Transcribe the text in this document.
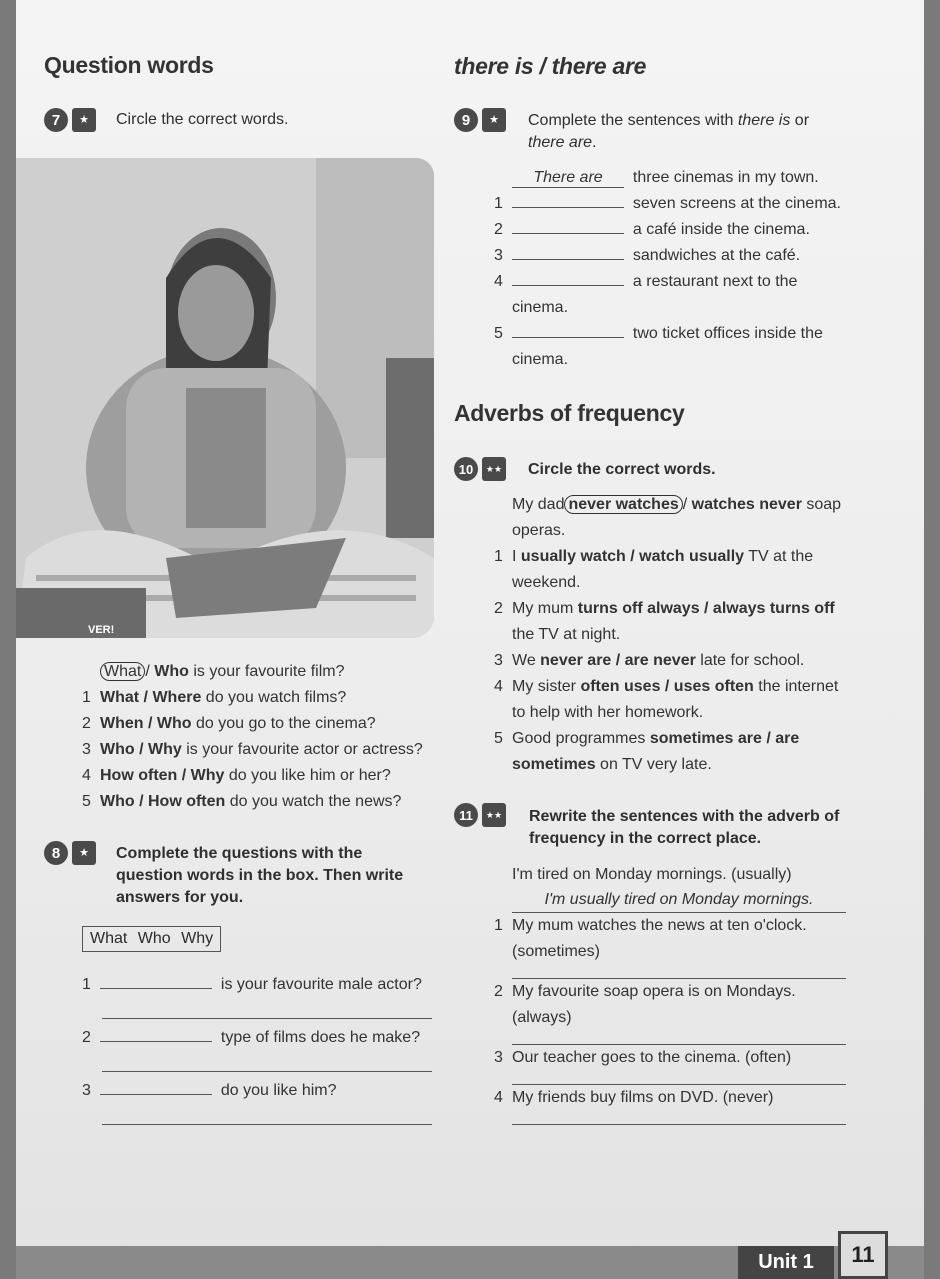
Question words
7	★	Circle the correct words.
VER!
What / Who is your favourite film?
1 What / Where do you watch films?
2 When / Who do you go to the cinema?
3 Who / Why is your favourite actor or actress?
4 How often / Why do you like him or her?
5 Who / How often do you watch the news?
8	★	Complete the questions with the question words in the box. Then write answers for you.
What Who Why
1	is your favourite male actor?
2	type of films does he make?
3	do you like him?
there is / there are
9	★	Complete the sentences with there is or
there are.
There are three cinemas in my town.
1	seven screens at the cinema.
2	a café inside the cinema.
3	sandwiches at the café.
4	a restaurant next to the
cinema.
5	two ticket offices inside the
cinema.
Adverbs of frequency
10	★★ Circle the correct words.
My dad never watches / watches never soap
operas.
1 I usually watch / watch usually TV at the
weekend.
2 My mum turns off always / always turns off
the TV at night.
3 We never are / are never late for school.
4 My sister often uses / uses often the internet
to help with her homework.
5 Good programmes sometimes are / are
sometimes on TV very late.
11	★★ Rewrite the sentences with the adverb of frequency in the correct place.
I'm tired on Monday mornings. (usually)
I'm usually tired on Monday mornings.
1 My mum watches the news at ten o'clock.
(sometimes)
2 My favourite soap opera is on Mondays.
(always)
3 Our teacher goes to the cinema. (often)
4 My friends buy films on DVD. (never)
Unit 1	11
